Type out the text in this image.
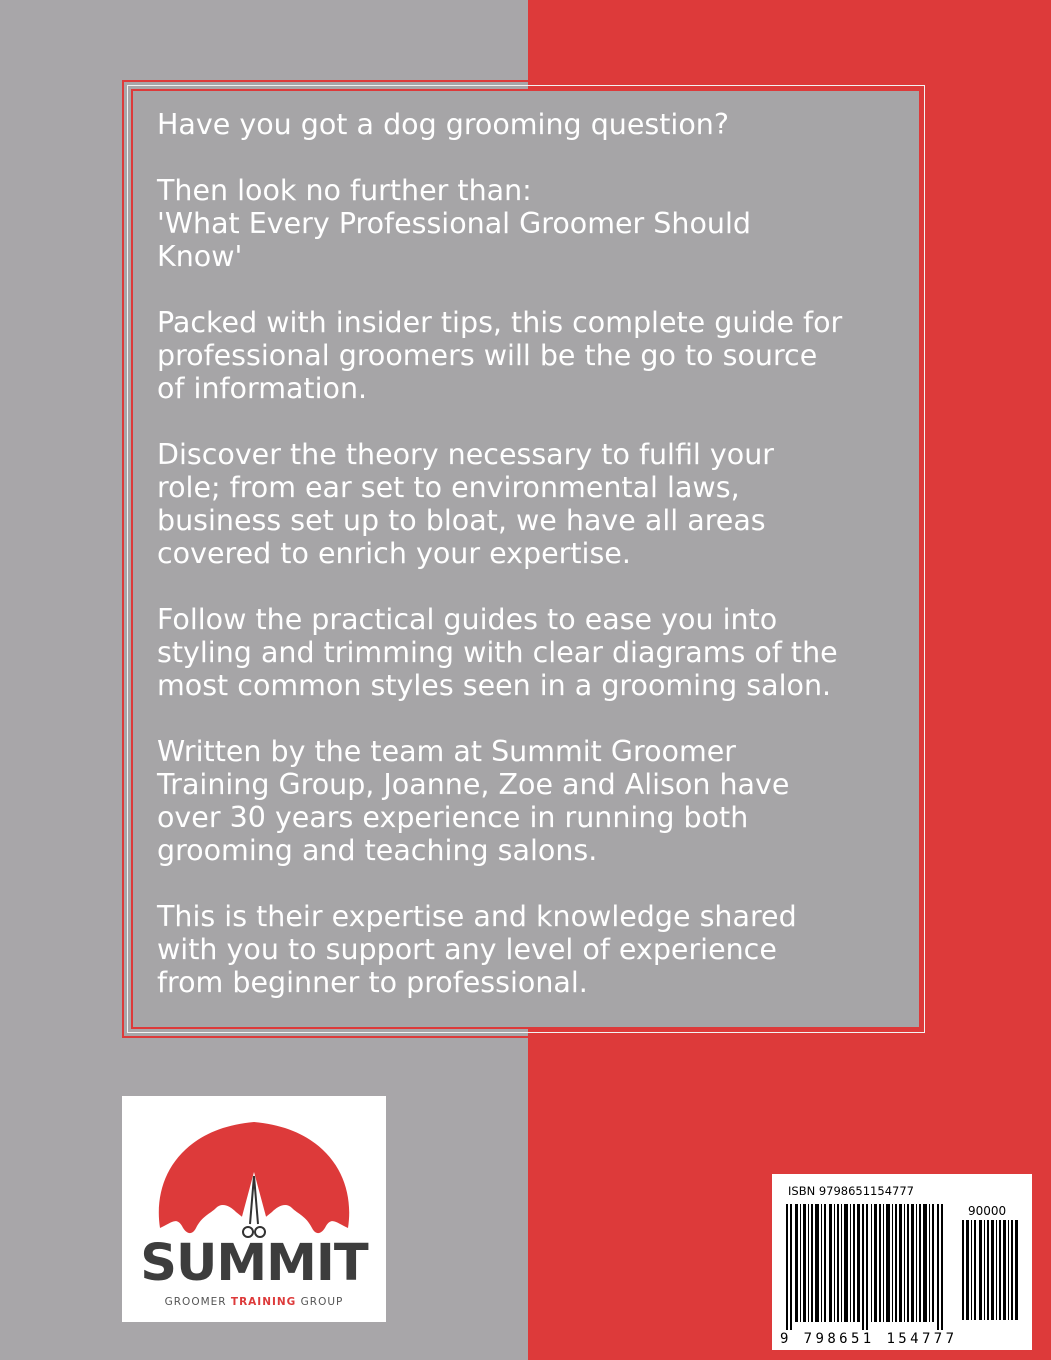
Have you got a dog grooming question?

Then look no further than:
'What Every Professional Groomer Should
Know'

Packed with insider tips, this complete guide for
professional groomers will be the go to source
of information.

Discover the theory necessary to fulfil your
role; from ear set to environmental laws,
business set up to bloat, we have all areas
covered to enrich your expertise.

Follow the practical guides to ease you into
styling and trimming with clear diagrams of the
most common styles seen in a grooming salon.

Written by the team at Summit Groomer
Training Group, Joanne, Zoe and Alison have
over 30 years experience in running both
grooming and teaching salons.

This is their expertise and knowledge shared
with you to support any level of experience
from beginner to professional.

SUMMIT
GROOMER TRAINING GROUP
ISBN 9798651154777
90000
9 798651 154777
